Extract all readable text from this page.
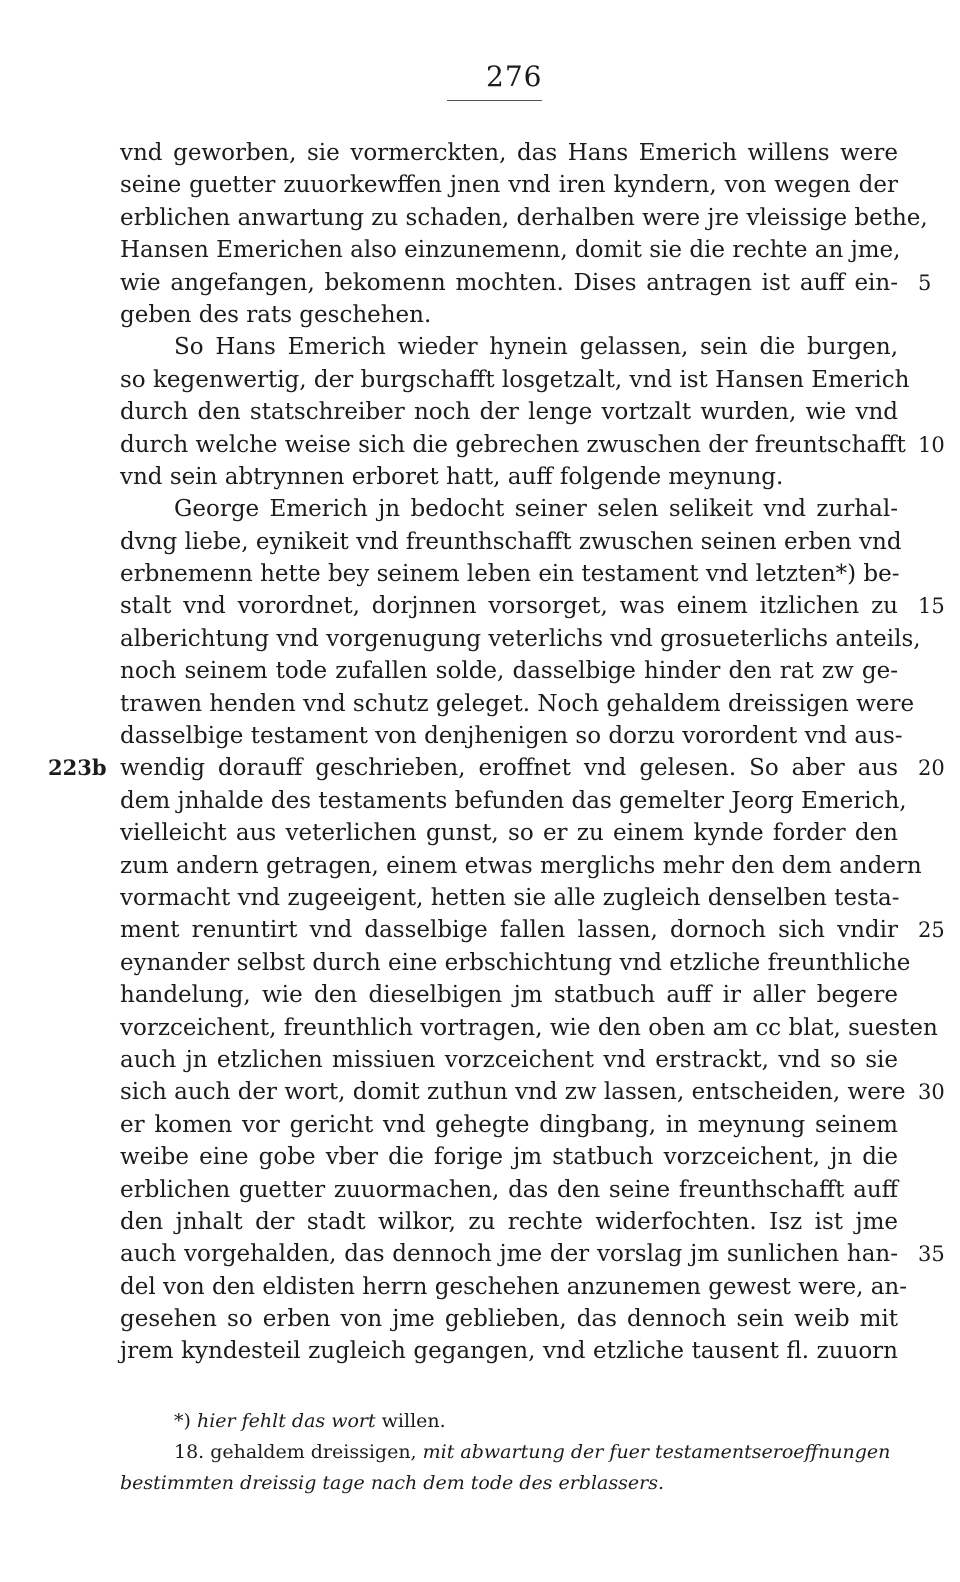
276
vnd geworben, sie vormerckten, das Hans Emerich willens were
seine guetter zuuorkewffen jnen vnd iren kyndern, von wegen der
erblichen anwartung zu schaden, derhalben were jre vleissige bethe,
Hansen Emerichen also einzunemenn, domit sie die rechte an jme,
wie angefangen, bekomenn mochten. Dises antragen ist auff ein- 5
geben des rats geschehen.
So Hans Emerich wieder hynein gelassen, sein die burgen,
so kegenwertig, der burgschafft losgetzalt, vnd ist Hansen Emerich
durch den statschreiber noch der lenge vortzalt wurden, wie vnd
durch welche weise sich die gebrechen zwuschen der freuntschafft 10
vnd sein abtrynnen erboret hatt, auff folgende meynung.
George Emerich jn bedocht seiner selen selikeit vnd zurhal-
dvng liebe, eynikeit vnd freunthschafft zwuschen seinen erben vnd
erbnemenn hette bey seinem leben ein testament vnd letzten*) be-
stalt vnd vorordnet, dorjnnen vorsorget, was einem itzlichen zu 15
alberichtung vnd vorgenugung veterlichs vnd grosueterlichs anteils,
noch seinem tode zufallen solde, dasselbige hinder den rat zw ge-
trawen henden vnd schutz geleget. Noch gehaldem dreissigen were
dasselbige testament von denjhenigen so dorzu vorordent vnd aus-
wendig dorauff geschrieben, eroffnet vnd gelesen. So aber aus 20
223b
dem jnhalde des testaments befunden das gemelter Jeorg Emerich,
vielleicht aus veterlichen gunst, so er zu einem kynde forder den
zum andern getragen, einem etwas merglichs mehr den dem andern
vormacht vnd zugeeigent, hetten sie alle zugleich denselben testa-
ment renuntirt vnd dasselbige fallen lassen, dornoch sich vndir 25
eynander selbst durch eine erbschichtung vnd etzliche freunthliche
handelung, wie den dieselbigen jm statbuch auff ir aller begere
vorzceichent, freunthlich vortragen, wie den oben am cc blat, suesten
auch jn etzlichen missiuen vorzceichent vnd erstrackt, vnd so sie
sich auch der wort, domit zuthun vnd zw lassen, entscheiden, were 30
er komen vor gericht vnd gehegte dingbang, in meynung seinem
weibe eine gobe vber die forige jm statbuch vorzceichent, jn die
erblichen guetter zuuormachen, das den seine freunthschafft auff
den jnhalt der stadt wilkor, zu rechte widerfochten. Isz ist jme
auch vorgehalden, das dennoch jme der vorslag jm sunlichen han- 35
del von den eldisten herrn geschehen anzunemen gewest were, an-
gesehen so erben von jme geblieben, das dennoch sein weib mit
jrem kyndesteil zugleich gegangen, vnd etzliche tausent fl. zuuorn
*) hier fehlt das wort willen.
18. gehaldem dreissigen, mit abwartung der fuer testamentseroeffnungen
bestimmten dreissig tage nach dem tode des erblassers.
